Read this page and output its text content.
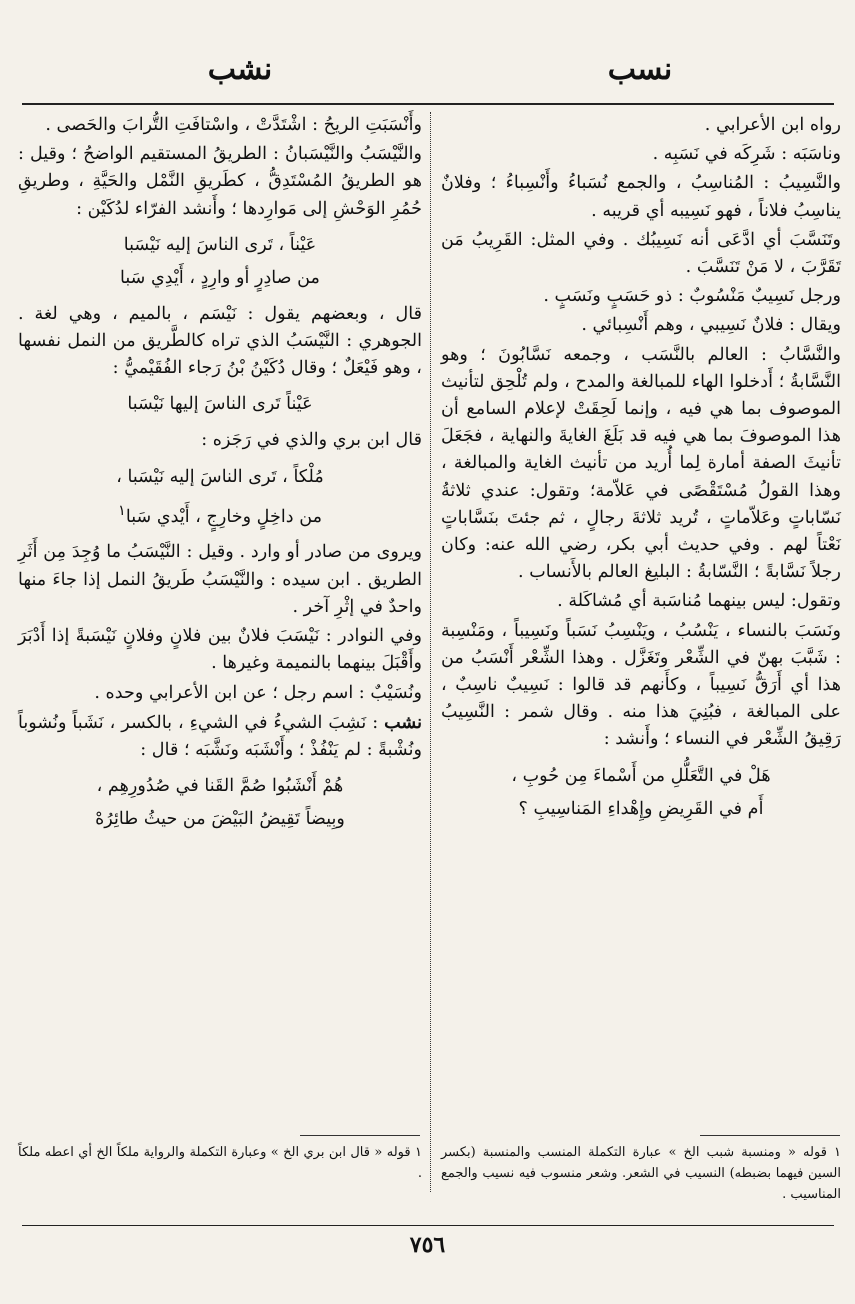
نسب
نشب

رواه ابن الأعرابي .

وناسَبَه : شَرِكَه في نَسَبِه .

والنَّسِيبُ : المُناسِبُ ، والجمع نُسَباءُ وأَنْسِباءُ ؛ وفلانٌ يناسِبُ فلاناً ، فهو نَسِيبه أي قريبه .

وتَنَسَّبَ أي ادَّعَى أنه نَسِيبُك . وفي المثل: القَرِيبُ مَن تَقَرَّبَ ، لا مَنْ تَنَسَّبَ .

ورجل نَسِيبٌ مَنْسُوبٌ : ذو حَسَبٍ ونَسَبٍ .

ويقال : فلانٌ نَسِيبي ، وهم أَنْسِبائي .

والنَّسَّابُ : العالم بالنَّسَب ، وجمعه نَسَّابُونَ ؛ وهو النَّسَّابةُ ؛ أَدخلوا الهاء للمبالغة والمدح ، ولم تُلْحِق لتأنيث الموصوف بما هي فيه ، وإنما لَحِقَتْ لإعلام السامع أن هذا الموصوفَ بما هي فيه قد بَلَغَ الغايةَ والنهاية ، فجَعَلَ تأنيثَ الصفة أمارة لِما أُريد من تأنيث الغاية والمبالغة ، وهذا القولُ مُسْتَقْصًى في عَلاّمة؛ وتقول: عندي ثلاثةُ نَسّاباتٍ وعَلاّماتٍ ، تُريد ثلاثةَ رجالٍ ، ثم جئتَ بنَسَّاباتٍ نَعْتاً لهم . وفي حديث أبي بكر، رضي الله عنه: وكان رجلاً نَسَّابةً ؛ النَّسّابةُ : البليغ العالم بالأَنساب .

وتقول: ليس بينهما مُناسَبة أي مُشاكَلة .

ونَسَبَ بالنساء ، يَنْسُبُ ، ويَنْسِبُ نَسَباً ونَسِيباً ، ومَنْسِبة : شَبَّبَ بهنّ في الشِّعْر وتَغَزَّل . وهذا الشِّعْر أَنْسَبُ من هذا أي أَرَقُّ نَسِيباً ، وكأَنهم قد قالوا : نَسِيبٌ ناسِبٌ ، على المبالغة ، فبُنِيَ هذا منه . وقال شمر : النَّسِيبُ رَقِيقُ الشِّعْر في النساء ؛ وأَنشد :

هَلْ في التَّعَلُّلِ من أَسْماءَ مِن حُوبِ ،
أَم في القَرِيضِ وإِهْداءِ المَناسِيبِ ؟

وأَنْسَبَتِ الريحُ : اشْتَدَّتْ ، واسْتافَتِ التُّرابَ والحَصى .

والنَّيْسَبُ والنَّيْسَبانُ : الطريقُ المستقيم الواضحُ ؛ وقيل : هو الطريقُ المُسْتَدِقُّ ، كطَريقِ النَّمْل والحَيَّةِ ، وطريقِ حُمُرِ الوَحْشِ إلى مَوارِدها ؛ وأَنشد الفرّاء لدُكَيْن :

عَيْناً ، تَرى الناسَ إليه نَيْسَبا
من صادِرٍ أو وارِدٍ ، أَيْدِي سَبا

قال ، وبعضهم يقول : نَيْسَم ، بالميم ، وهي لغة . الجوهري : النَّيْسَبُ الذي تراه كالطَّريق من النمل نفسها ، وهو فَيْعَلٌ ؛ وقال دُكَيْنُ بْنُ رَجاء الفُقَيْميُّ :

عَيْناً تَرى الناسَ إليها نَيْسَبا

قال ابن بري والذي في رَجَزه :

مُلْكاً ، تَرى الناسَ إليه نَيْسَبا ،
من داخِلٍ وخارِجٍ ، أَيْدي سَبا$^١$

ويروى من صادر أو وارد . وقيل : النَّيْسَبُ ما وُجِدَ مِن أَثَرِ الطريق . ابن سيده : والنَّيْسَبُ طَريقُ النمل إذا جاءَ منها واحدٌ في إثْرِ آخر .

وفي النوادر : نَيْسَبَ فلانٌ بين فلانٍ وفلانٍ نَيْسَبةً إذا أَدْبَرَ وأَقْبَلَ بينهما بالنميمة وغيرها .

ونُسَيْبٌ : اسم رجل ؛ عن ابن الأعرابي وحده .

نشب : نَشِبَ الشيءُ في الشيءِ ، بالكسر ، نَشَباً ونُشوباً ونُشْبةً : لم يَنْفُذْ ؛ وأَنْشَبَه ونَشَّبَه ؛ قال :

هُمْ أَنْشَبُوا صُمَّ القَنا في صُدُورِهِم ،
وبِيضاً تَقِيضُ البَيْضَ من حيثُ طائِرُهْ
١ قوله « ومنسبة شبب الخ » عبارة التكملة المنسب والمنسبة (بكسر السين فيهما بضبطه) النسيب في الشعر. وشعر منسوب فيه نسيب والجمع المناسيب .
١ قوله « قال ابن بري الخ » وعبارة التكملة والرواية ملكاً الخ أي اعطه ملكاً .
٧٥٦
